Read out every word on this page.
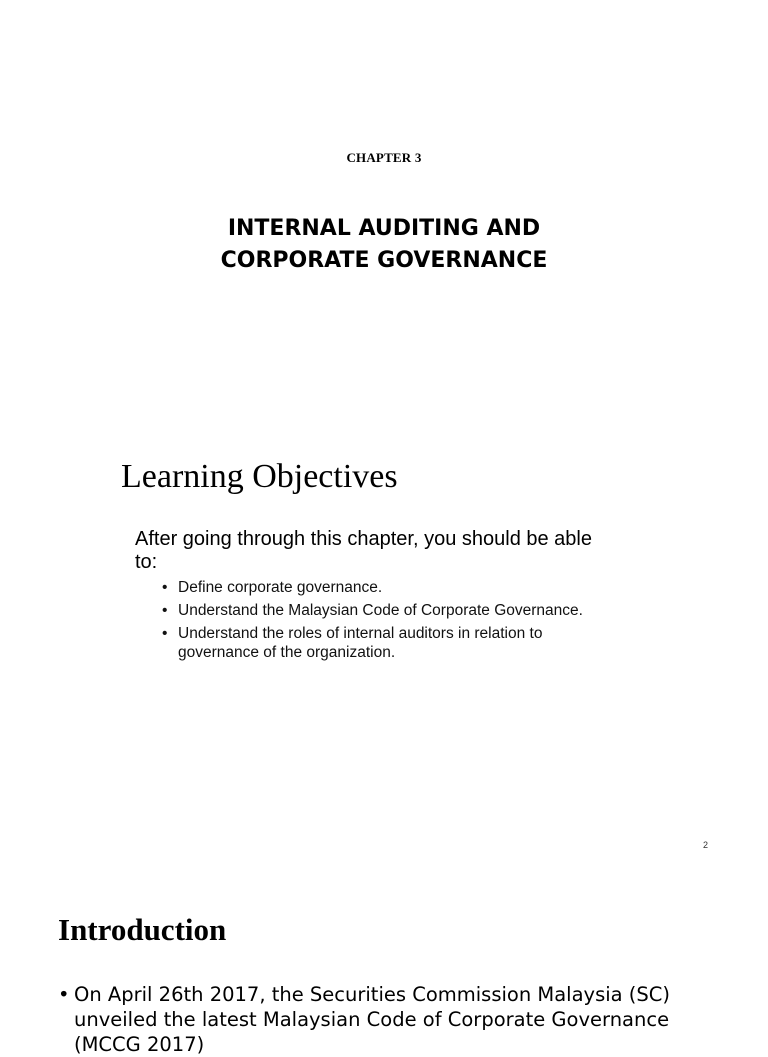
CHAPTER 3
INTERNAL AUDITING AND
CORPORATE GOVERNANCE
Learning Objectives
After going through this chapter, you should be able to:
• Define corporate governance.
• Understand the Malaysian Code of Corporate Governance.
• Understand the roles of internal auditors in relation to governance of the organization.
2
Introduction
• On April 26th 2017, the Securities Commission Malaysia (SC) unveiled the latest Malaysian Code of Corporate Governance (MCCG 2017)
